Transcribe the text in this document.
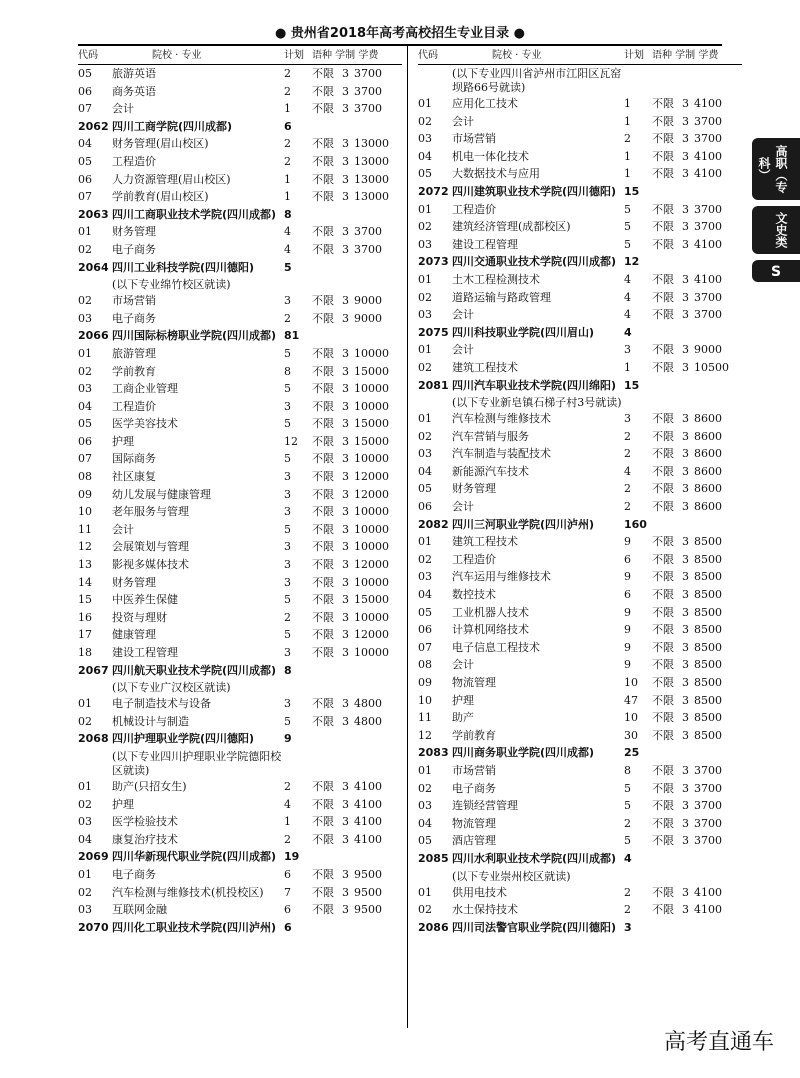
● 贵州省2018年高考高校招生专业目录 ●
代码	院校 · 专业	计划 语种 学制 学费
05	旅游英语	2	不限 3 3700
06	商务英语	2	不限 3 3700
07	会计	1	不限 3 3700
2062 四川工商学院(四川成都)	6
04	财务管理(眉山校区)	2	不限 3 13000
05	工程造价	2	不限 3 13000
06	人力资源管理(眉山校区)	1	不限 3 13000
07	学前教育(眉山校区)	1	不限 3 13000
2063 四川工商职业技术学院(四川成都) 8
01	财务管理	4	不限 3 3700
02	电子商务	4	不限 3 3700
2064 四川工业科技学院(四川德阳)	5
(以下专业绵竹校区就读)
02	市场营销	3	不限 3 9000
03	电子商务	2	不限 3 9000
2066 四川国际标榜职业学院(四川成都) 81
01	旅游管理	5	不限 3 10000
02	学前教育	8	不限 3 15000
03	工商企业管理	5	不限 3 10000
04	工程造价	3	不限 3 10000
05	医学美容技术	5	不限 3 15000
06	护理	12	不限 3 15000
07	国际商务	5	不限 3 10000
08	社区康复	3	不限 3 12000
09	幼儿发展与健康管理	3	不限 3 12000
10	老年服务与管理	3	不限 3 10000
11	会计	5	不限 3 10000
12	会展策划与管理	3	不限 3 10000
13	影视多媒体技术	3	不限 3 12000
14	财务管理	3	不限 3 10000
15	中医养生保健	5	不限 3 15000
16	投资与理财	2	不限 3 10000
17	健康管理	5	不限 3 12000
18	建设工程管理	3	不限 3 10000
2067 四川航天职业技术学院(四川成都) 8
(以下专业广汉校区就读)
01	电子制造技术与设备	3	不限 3 4800
02	机械设计与制造	5	不限 3 4800
2068 四川护理职业学院(四川德阳)	9
(以下专业四川护理职业学院德阳校区就读)
01	助产(只招女生)	2	不限 3 4100
02	护理	4	不限 3 4100
03	医学检验技术	1	不限 3 4100
04	康复治疗技术	2	不限 3 4100
2069 四川华新现代职业学院(四川成都) 19
01	电子商务	6	不限 3 9500
02	汽车检测与维修技术(机投校区)	7	不限 3 9500
03	互联网金融	6	不限 3 9500
2070 四川化工职业技术学院(四川泸州) 6
代码	院校 · 专业	计划 语种 学制 学费
(以下专业四川省泸州市江阳区瓦窑坝路66号就读)
01	应用化工技术	1	不限 3 4100
02	会计	1	不限 3 3700
03	市场营销	2	不限 3 3700
04	机电一体化技术	1	不限 3 4100
05	大数据技术与应用	1	不限 3 4100
2072 四川建筑职业技术学院(四川德阳) 15
01	工程造价	5	不限 3 3700
02	建筑经济管理(成都校区)	5	不限 3 3700
03	建设工程管理	5	不限 3 4100
2073 四川交通职业技术学院(四川成都) 12
01	土木工程检测技术	4	不限 3 4100
02	道路运输与路政管理	4	不限 3 3700
03	会计	4	不限 3 3700
2075 四川科技职业学院(四川眉山)	4
01	会计	3	不限 3 9000
02	建筑工程技术	1	不限 3 10500
2081 四川汽车职业技术学院(四川绵阳) 15
(以下专业新皂镇石梯子村3号就读)
01	汽车检测与维修技术	3	不限 3 8600
02	汽车营销与服务	2	不限 3 8600
03	汽车制造与装配技术	2	不限 3 8600
04	新能源汽车技术	4	不限 3 8600
05	财务管理	2	不限 3 8600
06	会计	2	不限 3 8600
2082 四川三河职业学院(四川泸州)	160
01	建筑工程技术	9	不限 3 8500
02	工程造价	6	不限 3 8500
03	汽车运用与维修技术	9	不限 3 8500
04	数控技术	6	不限 3 8500
05	工业机器人技术	9	不限 3 8500
06	计算机网络技术	9	不限 3 8500
07	电子信息工程技术	9	不限 3 8500
08	会计	9	不限 3 8500
09	物流管理	10	不限 3 8500
10	护理	47	不限 3 8500
11	助产	10	不限 3 8500
12	学前教育	30	不限 3 8500
2083 四川商务职业学院(四川成都)	25
01	市场营销	8	不限 3 3700
02	电子商务	5	不限 3 3700
03	连锁经营管理	5	不限 3 3700
04	物流管理	2	不限 3 3700
05	酒店管理	5	不限 3 3700
2085 四川水利职业技术学院(四川成都) 4
(以下专业崇州校区就读)
01	供用电技术	2	不限 3 4100
02	水土保持技术	2	不限 3 4100
2086 四川司法警官职业学院(四川德阳) 3
高职（专科）
文史类
S
高考直通车
